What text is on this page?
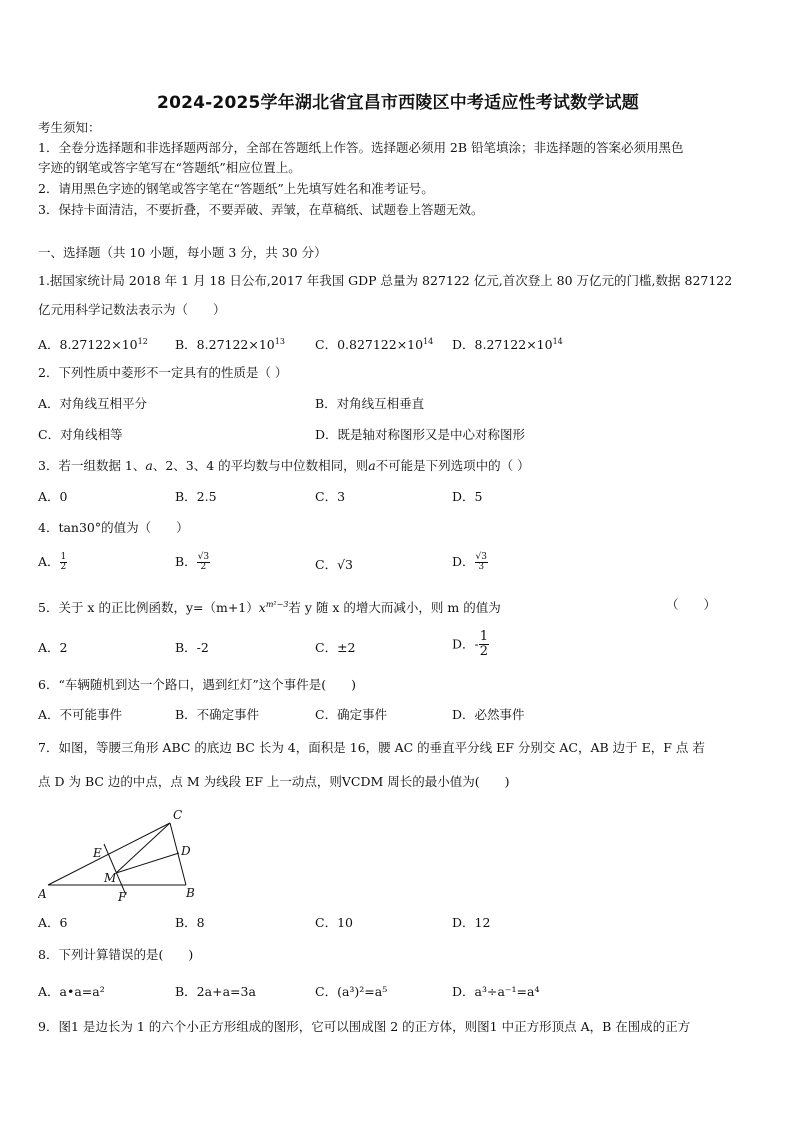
2024-2025学年湖北省宜昌市西陵区中考适应性考试数学试题
考生须知：
1．全卷分选择题和非选择题两部分，全部在答题纸上作答。选择题必须用 2B 铅笔填涂；非选择题的答案必须用黑色
字迹的钢笔或答字笔写在“答题纸”相应位置上。
2．请用黑色字迹的钢笔或答字笔在“答题纸”上先填写姓名和准考证号。
3．保持卡面清洁，不要折叠，不要弄破、弄皱，在草稿纸、试题卷上答题无效。
一、选择题（共 10 小题，每小题 3 分，共 30 分）
1.据国家统计局 2018 年 1 月 18 日公布,2017 年我国 GDP 总量为 827122 亿元,首次登上 80 万亿元的门槛,数据 827122
亿元用科学记数法表示为（　　）
A．$8.27122\times 10^{12}$ B．$8.27122\times 10^{13}$ C．$0.827122\times 10^{14}$ D．$8.27122\times 10^{14}$
2．下列性质中菱形不一定具有的性质是（ ）
A．对角线互相平分	B．对角线互相垂直
C．对角线相等	D．既是轴对称图形又是中心对称图形
3．若一组数据 1、a、2、3、4 的平均数与中位数相同，则a不可能是下列选项中的（ ）
A．0	B．2.5	C．3	D．5
4．tan30°的值为（　　）
A． $\frac{1}{2}$	B． $\frac{√3}{2}$	C．√3	D． $\frac{√3}{3}$
5．关于 x 的正比例函数，$y=(m+1)x^{m^2-3}$若 y 随 x 的增大而减小，则 m 的值为	（　　）
A．2	B．-2	C．±2	D．- $\frac{1}{2}$
6．“车辆随机到达一个路口，遇到红灯”这个事件是(　　)
A．不可能事件	B．不确定事件	C．确定事件	D．必然事件
7．如图，等腰三角形 ABC 的底边 BC 长为 4，面积是 16，腰 AC 的垂直平分线 EF 分别交 AC，AB 边于 E，F 点 若
点 D 为 BC 边的中点，点 M 为线段 EF 上一动点，则VCDM 周长的最小值为(　　)
C
D
E
M
A	F	B
A．6	B．8	C．10	D．12
8．下列计算错误的是(　　)
A．a•a=a²	B．2a+a=3a	C．(a³)²=a⁵	D．a³÷a⁻¹=a⁴
9．图1 是边长为 1 的六个小正方形组成的图形，它可以围成图 2 的正方体，则图1 中正方形顶点 A，B 在围成的正方
